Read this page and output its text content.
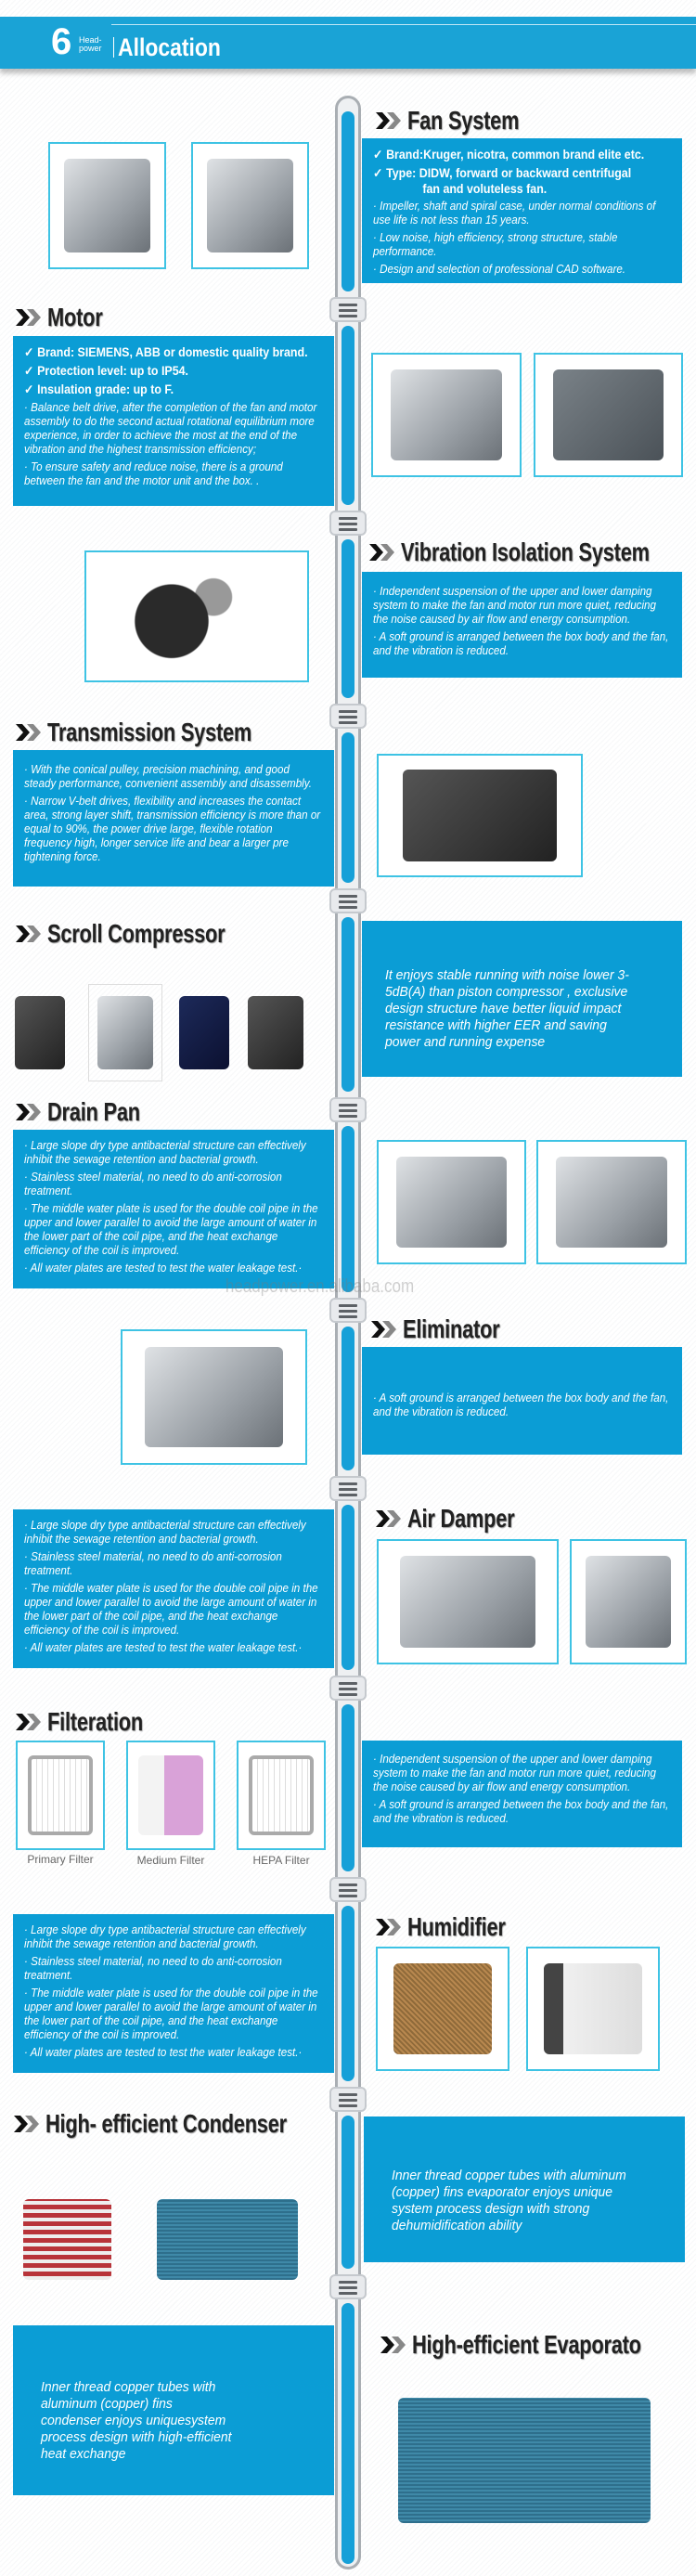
6 Head- power Allocation
Fan System
✓ Brand:Kruger, nicotra, common brand elite etc.
✓ Type: DIDW, forward or backward centrifugal
fan and voluteless fan.

· Impeller, shaft and spiral case, under normal conditions of use life is not less than 15 years.

· Low noise, high efficiency, strong structure, stable performance.

· Design and selection of professional CAD software.

Motor
✓ Brand: SIEMENS, ABB or domestic quality brand.
✓ Protection level: up to IP54.
✓ Insulation grade: up to F.

· Balance belt drive, after the completion of the fan and motor assembly to do the second actual rotational equilibrium more experience, in order to achieve the most at the end of the vibration and the highest transmission efficiency;

· To ensure safety and reduce noise, there is a ground between the fan and the motor unit and the box. .

Vibration Isolation System

· Independent suspension of the upper and lower damping system to make the fan and motor run more quiet, reducing the noise caused by air flow and energy consumption.

· A soft ground is arranged between the box body and the fan, and the vibration is reduced.

Transmission System

· With the conical pulley, precision machining, and good steady performance, convenient assembly and disassembly.

· Narrow V-belt drives, flexibility and increases the contact area, strong layer shift, transmission efficiency is more than or equal to 90%, the power drive large, flexible rotation frequency high, longer service life and bear a larger pre tightening force.

Scroll Compressor

It enjoys stable running with noise lower 3-5dB(A) than piston compressor , exclusive design structure have better liquid impact resistance with higher EER and saving power and running expense

Drain Pan

· Large slope dry type antibacterial structure can effectively inhibit the sewage retention and bacterial growth.

· Stainless steel material, no need to do anti-corrosion treatment.

· The middle water plate is used for the double coil pipe in the upper and lower parallel to avoid the large amount of water in the lower part of the coil pipe, and the heat exchange efficiency of the coil is improved.

· All water plates are tested to test the water leakage test.·

headpower.en.alibaba.com
Eliminator

· A soft ground is arranged between the box body and the fan, and the vibration is reduced.

· Large slope dry type antibacterial structure can effectively inhibit the sewage retention and bacterial growth.

· Stainless steel material, no need to do anti-corrosion treatment.

· The middle water plate is used for the double coil pipe in the upper and lower parallel to avoid the large amount of water in the lower part of the coil pipe, and the heat exchange efficiency of the coil is improved.

· All water plates are tested to test the water leakage test.·

Air Damper
Filteration
Primary Filter	Medium Filter	HEPA Filter

· Independent suspension of the upper and lower damping system to make the fan and motor run more quiet, reducing the noise caused by air flow and energy consumption.

· A soft ground is arranged between the box body and the fan, and the vibration is reduced.

· Large slope dry type antibacterial structure can effectively inhibit the sewage retention and bacterial growth.

· Stainless steel material, no need to do anti-corrosion treatment.

· The middle water plate is used for the double coil pipe in the upper and lower parallel to avoid the large amount of water in the lower part of the coil pipe, and the heat exchange efficiency of the coil is improved.

· All water plates are tested to test the water leakage test.·

Humidifier
High- efficient Condenser

Inner thread copper tubes with aluminum (copper) fins evaporator enjoys unique system process design with strong dehumidification ability

Inner thread copper tubes with aluminum (copper) fins condenser enjoys uniquesystem process design with high-efficient heat exchange

High-efficient Evaporato
